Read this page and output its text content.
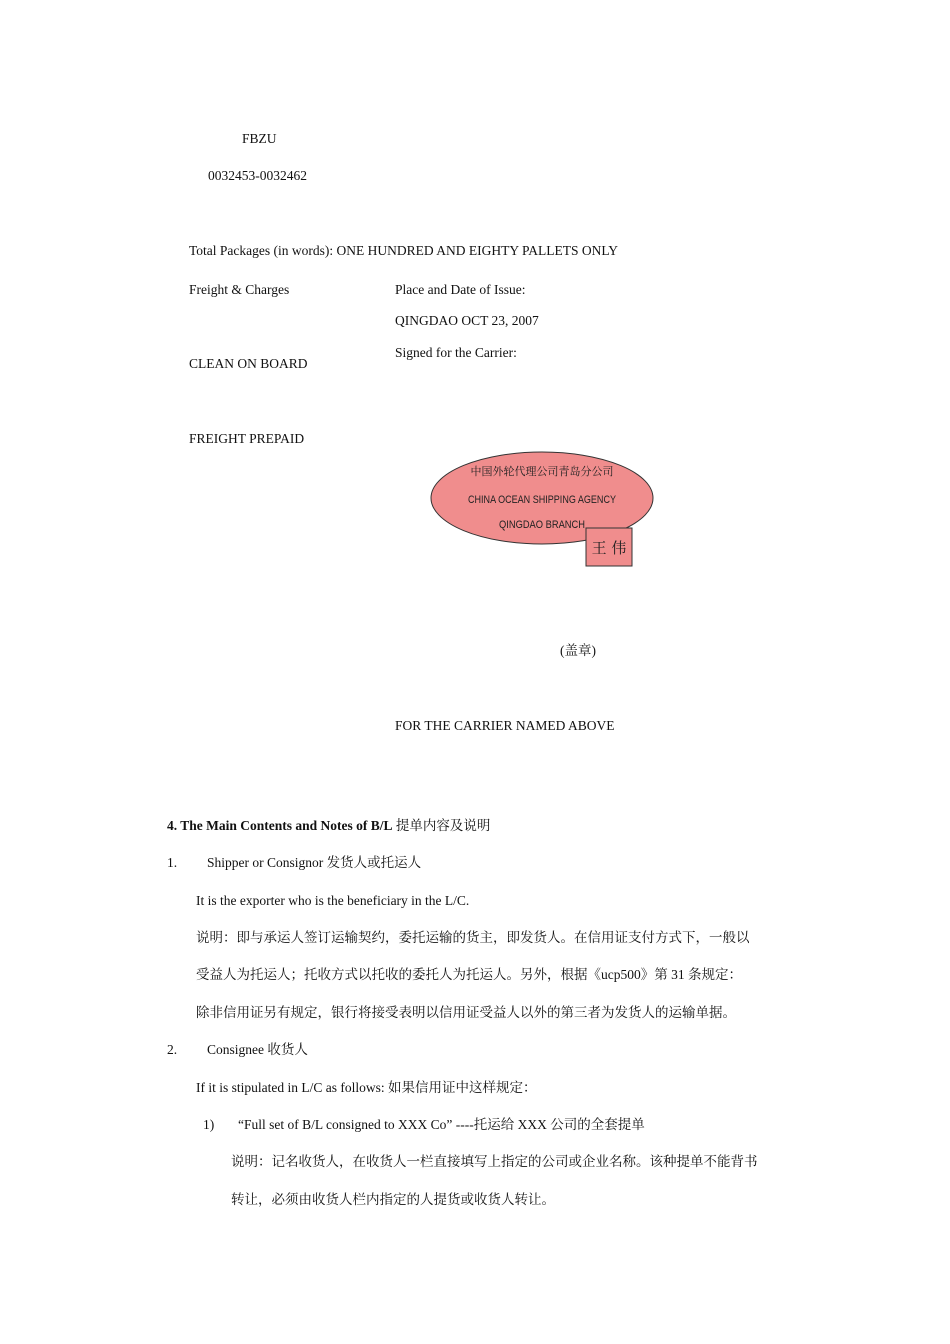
FBZU
0032453-0032462
Total Packages (in words): ONE HUNDRED AND EIGHTY PALLETS ONLY
Freight & Charges	Place and Date of Issue:
QINGDAO OCT 23, 2007
Signed for the Carrier:
CLEAN ON BOARD
FREIGHT PREPAID
中国外轮代理公司青岛分公司
CHINA OCEAN SHIPPING AGENCY
QINGDAO BRANCH
王 伟
(盖章)
FOR THE CARRIER NAMED ABOVE
4. The Main Contents and Notes of B/L 提单内容及说明
1. Shipper or Consignor 发货人或托运人
It is the exporter who is the beneficiary in the L/C.
说明：即与承运人签订运输契约，委托运输的货主，即发货人。在信用证支付方式下，一般以
受益人为托运人；托收方式以托收的委托人为托运人。另外，根据《ucp500》第 31 条规定：
除非信用证另有规定，银行将接受表明以信用证受益人以外的第三者为发货人的运输单据。
2. Consignee 收货人
If it is stipulated in L/C as follows: 如果信用证中这样规定：
1) “Full set of B/L consigned to XXX Co” ----托运给 XXX 公司的全套提单
说明：记名收货人，在收货人一栏直接填写上指定的公司或企业名称。该种提单不能背书
转让，必须由收货人栏内指定的人提货或收货人转让。
